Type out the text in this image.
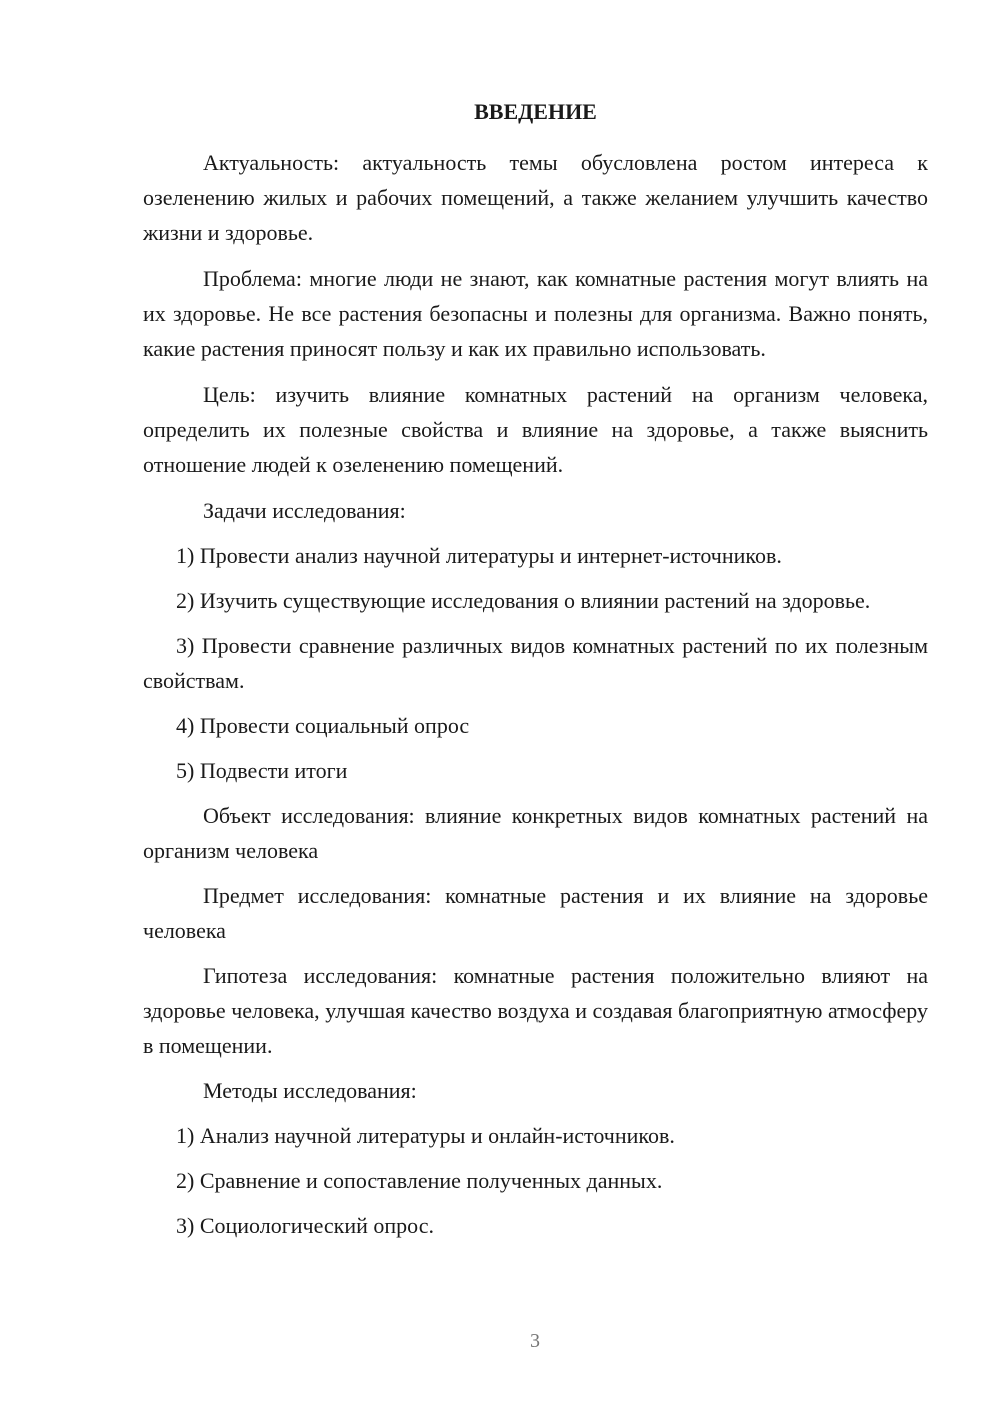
ВВЕДЕНИЕ

Актуальность: актуальность темы обусловлена ростом интереса к озеленению жилых и рабочих помещений, а также желанием улучшить качество жизни и здоровье.

Проблема: многие люди не знают, как комнатные растения могут влиять на их здоровье. Не все растения безопасны и полезны для организма. Важно понять, какие растения приносят пользу и как их правильно использовать.

Цель: изучить влияние комнатных растений на организм человека, определить их полезные свойства и влияние на здоровье, а также выяснить отношение людей к озеленению помещений.

Задачи исследования:

1) Провести анализ научной литературы и интернет-источников.

2) Изучить существующие исследования о влиянии растений на здоровье.

3) Провести сравнение различных видов комнатных растений по их полезным свойствам.

4) Провести социальный опрос

5) Подвести итоги

Объект исследования: влияние конкретных видов комнатных растений на организм человека

Предмет исследования: комнатные растения и их влияние на здоровье человека

Гипотеза исследования: комнатные растения положительно влияют на здоровье человека, улучшая качество воздуха и создавая благоприятную атмосферу в помещении.

Методы исследования:

1) Анализ научной литературы и онлайн-источников.

2) Сравнение и сопоставление полученных данных.

3) Социологический опрос.

3
